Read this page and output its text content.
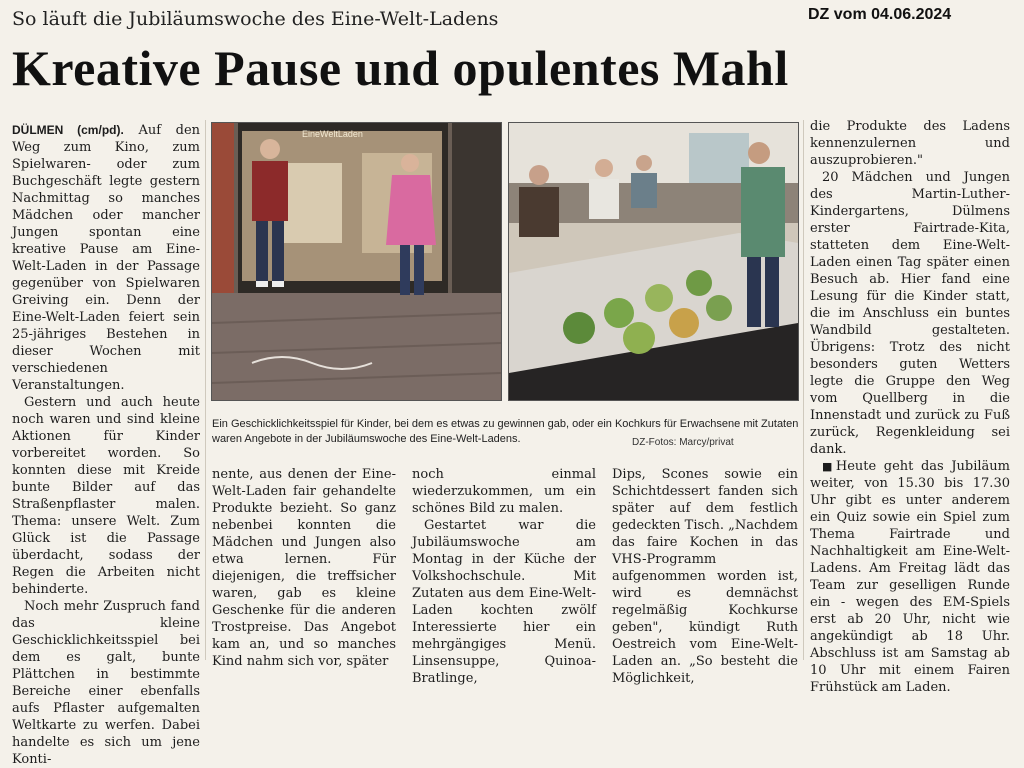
So läuft die Jubiläumswoche des Eine-Welt-Ladens	DZ vom 04.06.2024
Kreative Pause und opulentes Mahl

DÜLMEN (cm/pd). Auf den Weg zum Kino, zum Spielwaren- oder zum Buchgeschäft legte gestern Nachmittag so manches Mädchen oder mancher Jungen spontan eine kreative Pause am Eine-Welt-Laden in der Passage gegenüber von Spielwaren Greiving ein. Denn der Eine-Welt-Laden feiert sein 25-jähriges Bestehen in dieser Wochen mit verschiedenen Veranstaltungen.

Gestern und auch heute noch waren und sind kleine Aktionen für Kinder vorbereitet worden. So konnten diese mit Kreide bunte Bilder auf das Straßenpflaster malen. Thema: unsere Welt. Zum Glück ist die Passage überdacht, sodass der Regen die Arbeiten nicht behinderte.

Noch mehr Zuspruch fand das kleine Geschicklichkeitsspiel bei dem es galt, bunte Plättchen in bestimmte Bereiche einer ebenfalls aufs Pflaster aufgemalten Weltkarte zu werfen. Dabei handelte es sich um jene Konti-

EineWeltLaden
Ein Geschicklichkeitsspiel für Kinder, bei dem es etwas zu gewinnen gab, oder ein Kochkurs für Erwachsene mit Zutaten waren Angebote in der Jubiläumswoche des Eine-Welt-Ladens.	DZ-Fotos: Marcy/privat

nente, aus denen der Eine-Welt-Laden fair gehandelte Produkte bezieht. So ganz nebenbei konnten die Mädchen und Jungen also etwa lernen. Für diejenigen, die treffsicher waren, gab es kleine Geschenke für die anderen Trostpreise. Das Angebot kam an, und so manches Kind nahm sich vor, später

noch einmal wiederzukommen, um ein schönes Bild zu malen.

Gestartet war die Jubiläumswoche am Montag in der Küche der Volkshochschule. Mit Zutaten aus dem Eine-Welt-Laden kochten zwölf Interessierte hier ein mehrgängiges Menü. Linsensuppe, Quinoa-Bratlinge,

Dips, Scones sowie ein Schichtdessert fanden sich später auf dem festlich gedeckten Tisch. „Nachdem das faire Kochen in das VHS-Programm aufgenommen worden ist, wird es demnächst regelmäßig Kochkurse geben", kündigt Ruth Oestreich vom Eine-Welt-Laden an. „So besteht die Möglichkeit,

die Produkte des Ladens kennenzulernen und auszuprobieren."

20 Mädchen und Jungen des Martin-Luther-Kindergartens, Dülmens erster Fairtrade-Kita, statteten dem Eine-Welt-Laden einen Tag später einen Besuch ab. Hier fand eine Lesung für die Kinder statt, die im Anschluss ein buntes Wandbild gestalteten. Übrigens: Trotz des nicht besonders guten Wetters legte die Gruppe den Weg vom Quellberg in die Innenstadt und zurück zu Fuß zurück, Regenkleidung sei dank.

■ Heute geht das Jubiläum weiter, von 15.30 bis 17.30 Uhr gibt es unter anderem ein Quiz sowie ein Spiel zum Thema Fairtrade und Nachhaltigkeit am Eine-Welt-Ladens. Am Freitag lädt das Team zur geselligen Runde ein - wegen des EM-Spiels erst ab 20 Uhr, nicht wie angekündigt ab 18 Uhr. Abschluss ist am Samstag ab 10 Uhr mit einem Fairen Frühstück am Laden.
